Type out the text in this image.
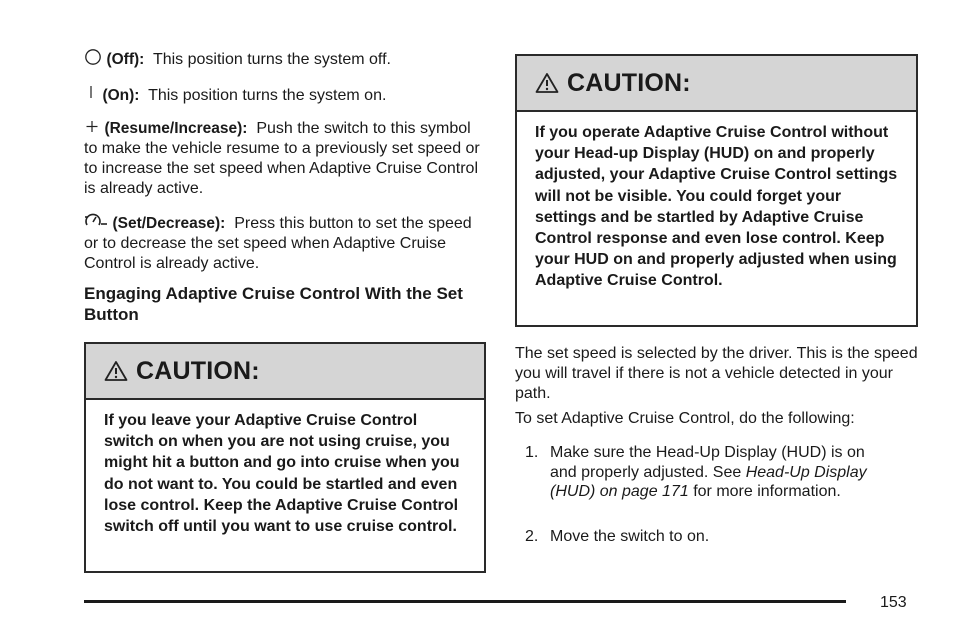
(Off): This position turns the system off.

(On): This position turns the system on.

(Resume/Increase): Push the switch to this symbol to make the vehicle resume to a previously set speed or to increase the set speed when Adaptive Cruise Control is already active.

(Set/Decrease): Press this button to set the speed or to decrease the set speed when Adaptive Cruise Control is already active.

Engaging Adaptive Cruise Control With the Set Button
CAUTION:
If you leave your Adaptive Cruise Control switch on when you are not using cruise, you might hit a button and go into cruise when you do not want to. You could be startled and even lose control. Keep the Adaptive Cruise Control switch off until you want to use cruise control.
CAUTION:
If you operate Adaptive Cruise Control without your Head-up Display (HUD) on and properly adjusted, your Adaptive Cruise Control settings will not be visible. You could forget your settings and be startled by Adaptive Cruise Control response and even lose control. Keep your HUD on and properly adjusted when using Adaptive Cruise Control.

The set speed is selected by the driver. This is the speed you will travel if there is not a vehicle detected in your path.

To set Adaptive Cruise Control, do the following:

1. Make sure the Head-Up Display (HUD) is on and properly adjusted. See Head-Up Display (HUD) on page 171 for more information.
2. Move the switch to on.
153
